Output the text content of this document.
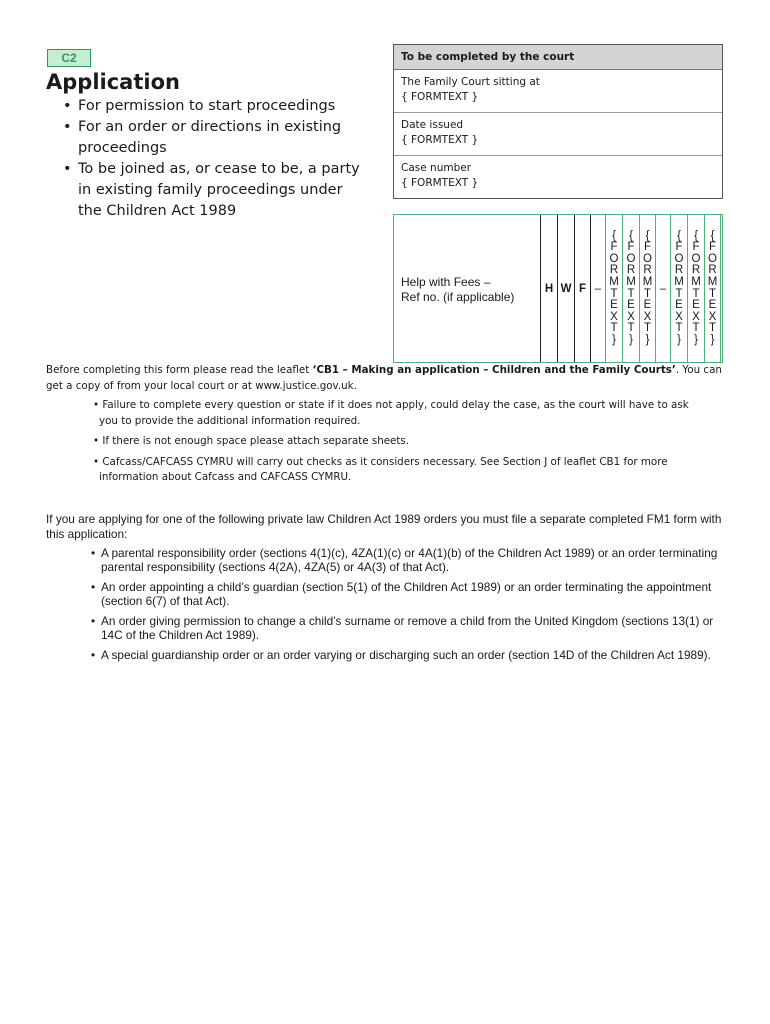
C2
Application
• For permission to start proceedings
• For an order or directions in existing proceedings
• To be joined as, or cease to be, a party in existing family proceedings under the Children Act 1989
To be completed by the court
The Family Court sitting at
{ FORMTEXT }
Date issued
{ FORMTEXT }
Case number
{ FORMTEXT }
Help with Fees –
Ref no. (if applicable)
H W F –
{
F
O
R
M
T
E
X
T
}
{
F
O
R
M
T
E
X
T
}
{
F
O
R
M
T
E
X
T
}
–
{
F
O
R
M
T
E
X
T
}
{
F
O
R
M
T
E
X
T
}
{
F
O
R
M
T
E
X
T
}
Before completing this form please read the leaflet ‘CB1 – Making an application – Children and the Family Courts’. You can get a copy of from your local court or at www.justice.gov.uk.
• Failure to complete every question or state if it does not apply, could delay the case, as the court will have to ask you to provide the additional information required.
• If there is not enough space please attach separate sheets.
• Cafcass/CAFCASS CYMRU will carry out checks as it considers necessary. See Section J of leaflet CB1 for more information about Cafcass and CAFCASS CYMRU.
If you are applying for one of the following private law Children Act 1989 orders you must file a separate completed FM1 form with this application:
• A parental responsibility order (sections 4(1)(c), 4ZA(1)(c) or 4A(1)(b) of the Children Act 1989) or an order terminating parental responsibility (sections 4(2A), 4ZA(5) or 4A(3) of that Act).
• An order appointing a child’s guardian (section 5(1) of the Children Act 1989) or an order terminating the appointment (section 6(7) of that Act).
• An order giving permission to change a child’s surname or remove a child from the United Kingdom (sections 13(1) or 14C of the Children Act 1989).
• A special guardianship order or an order varying or discharging such an order (section 14D of the Children Act 1989).
